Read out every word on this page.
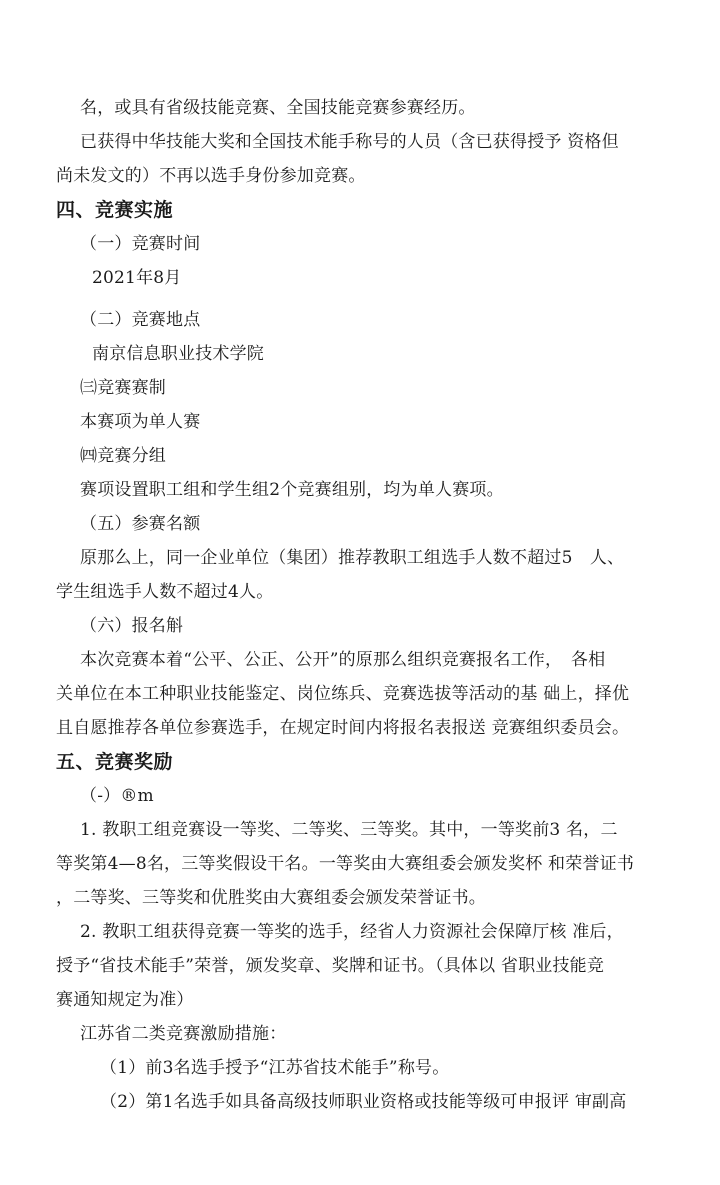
名，或具有省级技能竞赛、全国技能竞赛参赛经历。

已获得中华技能大奖和全国技术能手称号的人员（含已获得授予 资格但

尚未发文的）不再以选手身份参加竞赛。

四、竞赛实施

（一）竞赛时间

2021年8月

（二）竞赛地点

南京信息职业技术学院

㈢竞赛赛制

本赛项为单人赛

㈣竞赛分组

赛项设置职工组和学生组2个竞赛组别，均为单人赛项。

（五）参赛名额

原那么上，同一企业单位（集团）推荐教职工组选手人数不超过5　人、

学生组选手人数不超过4人。

（六）报名斛

本次竞赛本着“公平、公正、公开”的原那么组织竞赛报名工作，　各相

关单位在本工种职业技能鉴定、岗位练兵、竞赛选拔等活动的基 础上，择优

且自愿推荐各单位参赛选手，在规定时间内将报名表报送 竞赛组织委员会。

五、竞赛奖励

（-）®m

1. 教职工组竞赛设一等奖、二等奖、三等奖。其中，一等奖前3 名，二

等奖第4—8名，三等奖假设干名。一等奖由大赛组委会颁发奖杯 和荣誉证书

，二等奖、三等奖和优胜奖由大赛组委会颁发荣誉证书。

2. 教职工组获得竞赛一等奖的选手，经省人力资源社会保障厅核 准后，

授予“省技术能手”荣誉，颁发奖章、奖牌和证书。（具体以 省职业技能竞

赛通知规定为准）

江苏省二类竞赛激励措施：

（1）前3名选手授予“江苏省技术能手”称号。

（2）第1名选手如具备高级技师职业资格或技能等级可申报评 审副高
